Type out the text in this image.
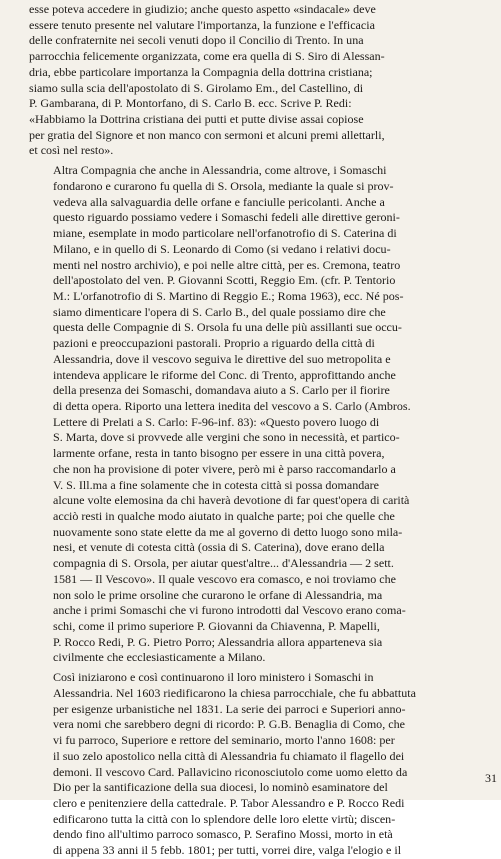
esse poteva accedere in giudizio; anche questo aspetto «sindacale» deve
essere tenuto presente nel valutare l'importanza, la funzione e l'efficacia
delle confraternite nei secoli venuti dopo il Concilio di Trento. In una
parrocchia felicemente organizzata, come era quella di S. Siro di Alessan-
dria, ebbe particolare importanza la Compagnia della dottrina cristiana;
siamo sulla scia dell'apostolato di S. Girolamo Em., del Castellino, di
P. Gambarana, di P. Montorfano, di S. Carlo B. ecc. Scrive P. Redi:
«Habbiamo la Dottrina cristiana dei putti et putte divise assai copiose
per gratia del Signore et non manco con sermoni et alcuni premi allettarli,
et così nel resto».

Altra Compagnia che anche in Alessandria, come altrove, i Somaschi
fondarono e curarono fu quella di S. Orsola, mediante la quale si prov-
vedeva alla salvaguardia delle orfane e fanciulle pericolanti. Anche a
questo riguardo possiamo vedere i Somaschi fedeli alle direttive geroni-
miane, esemplate in modo particolare nell'orfanotrofio di S. Caterina di
Milano, e in quello di S. Leonardo di Como (si vedano i relativi docu-
menti nel nostro archivio), e poi nelle altre città, per es. Cremona, teatro
dell'apostolato del ven. P. Giovanni Scotti, Reggio Em. (cfr. P. Tentorio
M.: L'orfanotrofio di S. Martino di Reggio E.; Roma 1963), ecc. Né pos-
siamo dimenticare l'opera di S. Carlo B., del quale possiamo dire che
questa delle Compagnie di S. Orsola fu una delle più assillanti sue occu-
pazioni e preoccupazioni pastorali. Proprio a riguardo della città di
Alessandria, dove il vescovo seguiva le direttive del suo metropolita e
intendeva applicare le riforme del Conc. di Trento, approfittando anche
della presenza dei Somaschi, domandava aiuto a S. Carlo per il fiorire
di detta opera. Riporto una lettera inedita del vescovo a S. Carlo (Ambros.
Lettere di Prelati a S. Carlo: F-96-inf. 83): «Questo povero luogo di
S. Marta, dove si provvede alle vergini che sono in necessità, et partico-
larmente orfane, resta in tanto bisogno per essere in una città povera,
che non ha provisione di poter vivere, però mi è parso raccomandarlo a
V. S. Ill.ma a fine solamente che in cotesta città si possa domandare
alcune volte elemosina da chi haverà devotione di far quest'opera di carità
acciò resti in qualche modo aiutato in qualche parte; poi che quelle che
nuovamente sono state elette da me al governo di detto luogo sono mila-
nesi, et venute di cotesta città (ossia di S. Caterina), dove erano della
compagnia di S. Orsola, per aiutar quest'altre... d'Alessandria — 2 sett.
1581 — Il Vescovo». Il quale vescovo era comasco, e noi troviamo che
non solo le prime orsoline che curarono le orfane di Alessandria, ma
anche i primi Somaschi che vi furono introdotti dal Vescovo erano coma-
schi, come il primo superiore P. Giovanni da Chiavenna, P. Mapelli,
P. Rocco Redi, P. G. Pietro Porro; Alessandria allora apparteneva sia
civilmente che ecclesiasticamente a Milano.

Così iniziarono e così continuarono il loro ministero i Somaschi in
Alessandria. Nel 1603 riedificarono la chiesa parrocchiale, che fu abbattuta
per esigenze urbanistiche nel 1831. La serie dei parroci e Superiori anno-
vera nomi che sarebbero degni di ricordo: P. G.B. Benaglia di Como, che
vi fu parroco, Superiore e rettore del seminario, morto l'anno 1608: per
il suo zelo apostolico nella città di Alessandria fu chiamato il flagello dei
demoni. Il vescovo Card. Pallavicino riconosciutolo come uomo eletto da
Dio per la santificazione della sua diocesi, lo nominò esaminatore del
clero e penitenziere della cattedrale. P. Tabor Alessandro e P. Rocco Redi
edificarono tutta la città con lo splendore delle loro elette virtù; discen-
dendo fino all'ultimo parroco somasco, P. Serafino Mossi, morto in età
di appena 33 anni il 5 febb. 1801; per tutti, vorrei dire, valga l'elogio e il

31
